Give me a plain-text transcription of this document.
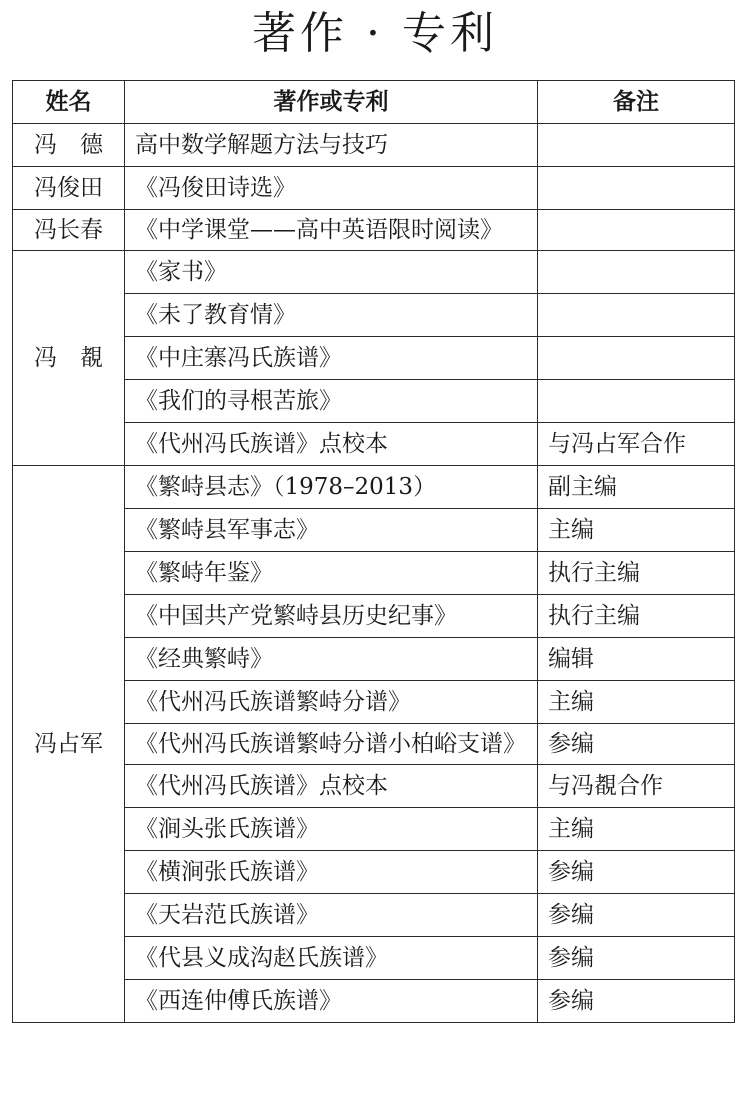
著作 · 专利
姓名	著作或专利	备注
冯　德	高中数学解题方法与技巧	
冯俊田	《冯俊田诗选》	
冯长春	《中学课堂——高中英语限时阅读》	
冯　覩	《家书》	
	《未了教育情》	
	《中庄寨冯氏族谱》	
	《我们的寻根苦旅》	
	《代州冯氏族谱》点校本	与冯占军合作
冯占军	《繁峙县志》（1978–2013）	副主编
	《繁峙县军事志》	主编
	《繁峙年鉴》	执行主编
	《中国共产党繁峙县历史纪事》	执行主编
	《经典繁峙》	编辑
	《代州冯氏族谱繁峙分谱》	主编
	《代州冯氏族谱繁峙分谱小柏峪支谱》	参编
	《代州冯氏族谱》点校本	与冯覩合作
	《涧头张氏族谱》	主编
	《横涧张氏族谱》	参编
	《天岩范氏族谱》	参编
	《代县义成沟赵氏族谱》	参编
	《西连仲傅氏族谱》	参编
